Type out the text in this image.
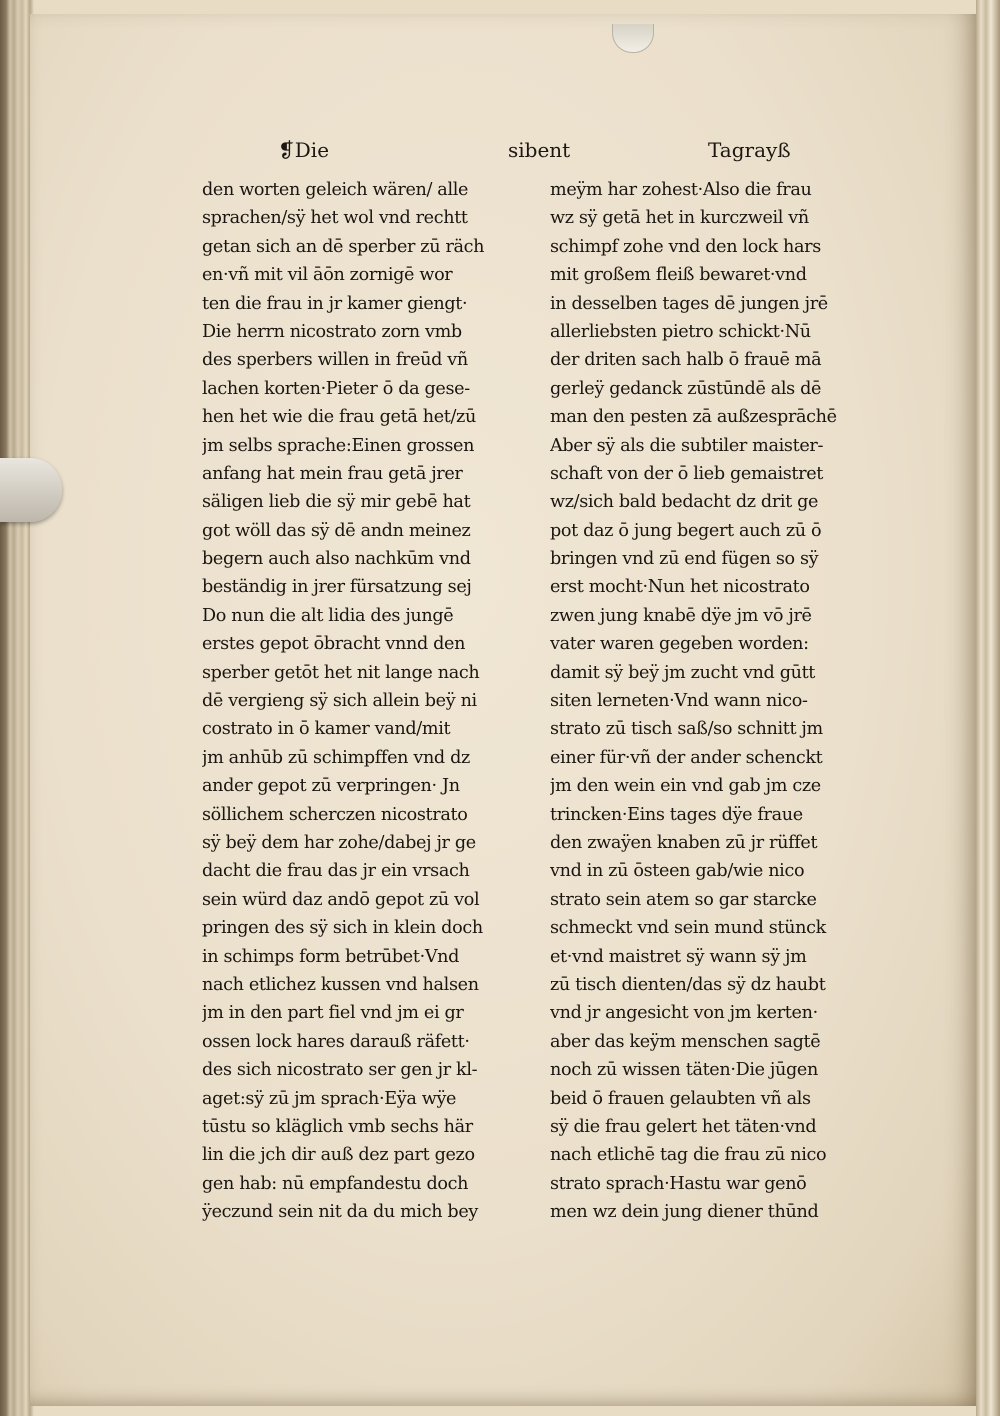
❡Die	sibent	Tagrayß
den worten geleich wären/ alle
sprachen/sÿ het wol vnd rechtt
getan sich an dē sperber zū räch
en·vñ mit vil āōn zornigē wor
ten die frau in jr kamer giengt·
Die herrn nicostrato zorn vmb
des sperbers willen in freūd vñ
lachen korten·Pieter ō da gese-
hen het wie die frau getā het/zū
jm selbs sprache:Einen grossen
anfang hat mein frau getā jrer
säligen lieb die sÿ mir gebē hat
got wöll das sÿ dē andn meinez
begern auch also nachkūm vnd
beständig in jrer fürsatzung sej
Do nun die alt lidia des jungē
erstes gepot ōbracht vnnd den
sperber getōt het nit lange nach
dē vergieng sÿ sich allein beÿ ni
costrato in ō kamer vand/mit
jm anhūb zū schimpffen vnd dz
ander gepot zū verpringen· Jn
söllichem scherczen nicostrato
sÿ beÿ dem har zohe/dabej jr ge
dacht die frau das jr ein vrsach
sein würd daz andō gepot zū vol
pringen des sÿ sich in klein doch
in schimps form betrūbet·Vnd
nach etlichez kussen vnd halsen
jm in den part fiel vnd jm ei gr
ossen lock hares darauß räfett·
des sich nicostrato ser gen jr kl-
aget:sÿ zū jm sprach·Eÿa wÿe
tūstu so kläglich vmb sechs här
lin die jch dir auß dez part gezo
gen hab: nū empfandestu doch
ÿeczund sein nit da du mich bey
meÿm har zohest·Also die frau
wz sÿ getā het in kurczweil vñ
schimpf zohe vnd den lock hars
mit großem fleiß bewaret·vnd
in desselben tages dē jungen jrē
allerliebsten pietro schickt·Nū
der driten sach halb ō frauē mā
gerleÿ gedanck zūstūndē als dē
man den pesten zā außzesprāchē
Aber sÿ als die subtiler maister-
schaft von der ō lieb gemaistret
wz/sich bald bedacht dz drit ge
pot daz ō jung begert auch zū ō
bringen vnd zū end fügen so sÿ
erst mocht·Nun het nicostrato
zwen jung knabē dÿe jm vō jrē
vater waren gegeben worden:
damit sÿ beÿ jm zucht vnd gūtt
siten lerneten·Vnd wann nico-
strato zū tisch saß/so schnitt jm
einer für·vñ der ander schenckt
jm den wein ein vnd gab jm cze
trincken·Eins tages dÿe fraue
den zwaÿen knaben zū jr rüffet
vnd in zū ōsteen gab/wie nico
strato sein atem so gar starcke
schmeckt vnd sein mund stünck
et·vnd maistret sÿ wann sÿ jm
zū tisch dienten/das sÿ dz haubt
vnd jr angesicht von jm kerten·
aber das keÿm menschen sagtē
noch zū wissen täten·Die jūgen
beid ō frauen gelaubten vñ als
sÿ die frau gelert het täten·vnd
nach etlichē tag die frau zū nico
strato sprach·Hastu war genō
men wz dein jung diener thūnd
